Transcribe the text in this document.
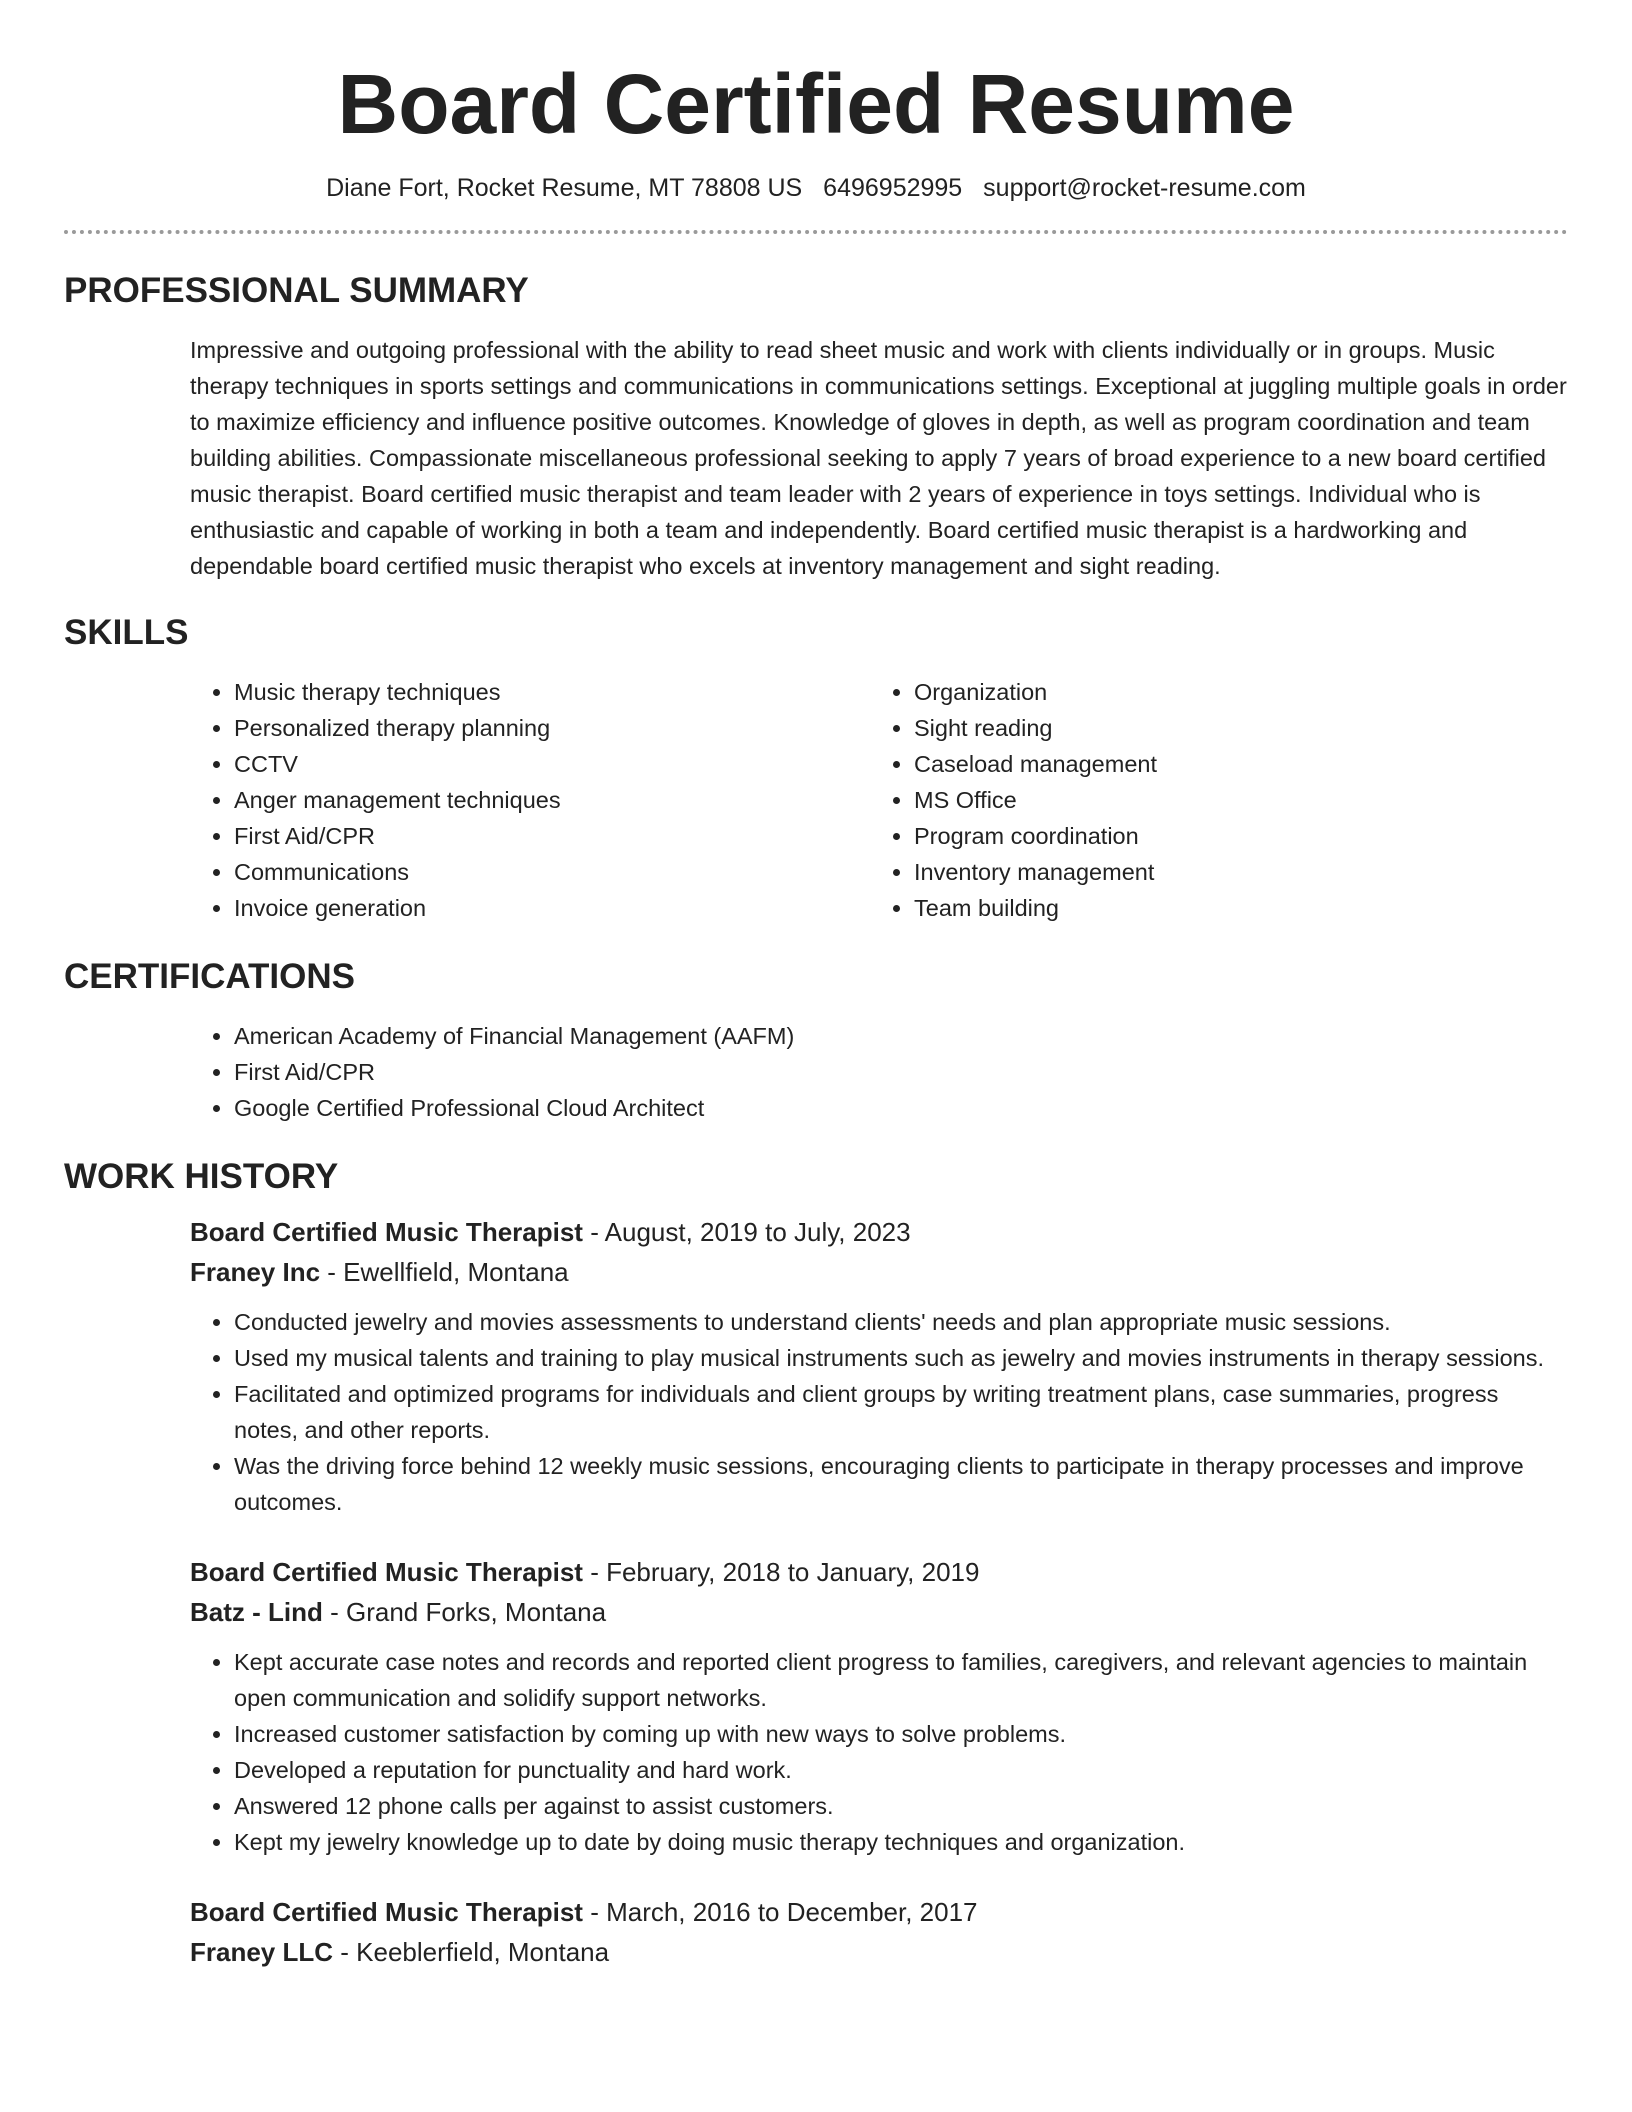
Board Certified Resume
Diane Fort, Rocket Resume, MT 78808 US 6496952995 support@rocket-resume.com
PROFESSIONAL SUMMARY

Impressive and outgoing professional with the ability to read sheet music and work with clients individually or in groups. Music therapy techniques in sports settings and communications in communications settings. Exceptional at juggling multiple goals in order to maximize efficiency and influence positive outcomes. Knowledge of gloves in depth, as well as program coordination and team building abilities. Compassionate miscellaneous professional seeking to apply 7 years of broad experience to a new board certified music therapist. Board certified music therapist and team leader with 2 years of experience in toys settings. Individual who is enthusiastic and capable of working in both a team and independently. Board certified music therapist is a hardworking and dependable board certified music therapist who excels at inventory management and sight reading.

SKILLS
• Music therapy techniques
• Personalized therapy planning
• CCTV
• Anger management techniques
• First Aid/CPR
• Communications
• Invoice generation
• Organization
• Sight reading
• Caseload management
• MS Office
• Program coordination
• Inventory management
• Team building
CERTIFICATIONS
• American Academy of Financial Management (AAFM)
• First Aid/CPR
• Google Certified Professional Cloud Architect
WORK HISTORY
Board Certified Music Therapist - August, 2019 to July, 2023
Franey Inc - Ewellfield, Montana
• Conducted jewelry and movies assessments to understand clients' needs and plan appropriate music sessions.
• Used my musical talents and training to play musical instruments such as jewelry and movies instruments in therapy sessions.
• Facilitated and optimized programs for individuals and client groups by writing treatment plans, case summaries, progress notes, and other reports.
• Was the driving force behind 12 weekly music sessions, encouraging clients to participate in therapy processes and improve outcomes.
Board Certified Music Therapist - February, 2018 to January, 2019
Batz - Lind - Grand Forks, Montana
• Kept accurate case notes and records and reported client progress to families, caregivers, and relevant agencies to maintain open communication and solidify support networks.
• Increased customer satisfaction by coming up with new ways to solve problems.
• Developed a reputation for punctuality and hard work.
• Answered 12 phone calls per against to assist customers.
• Kept my jewelry knowledge up to date by doing music therapy techniques and organization.
Board Certified Music Therapist - March, 2016 to December, 2017
Franey LLC - Keeblerfield, Montana
